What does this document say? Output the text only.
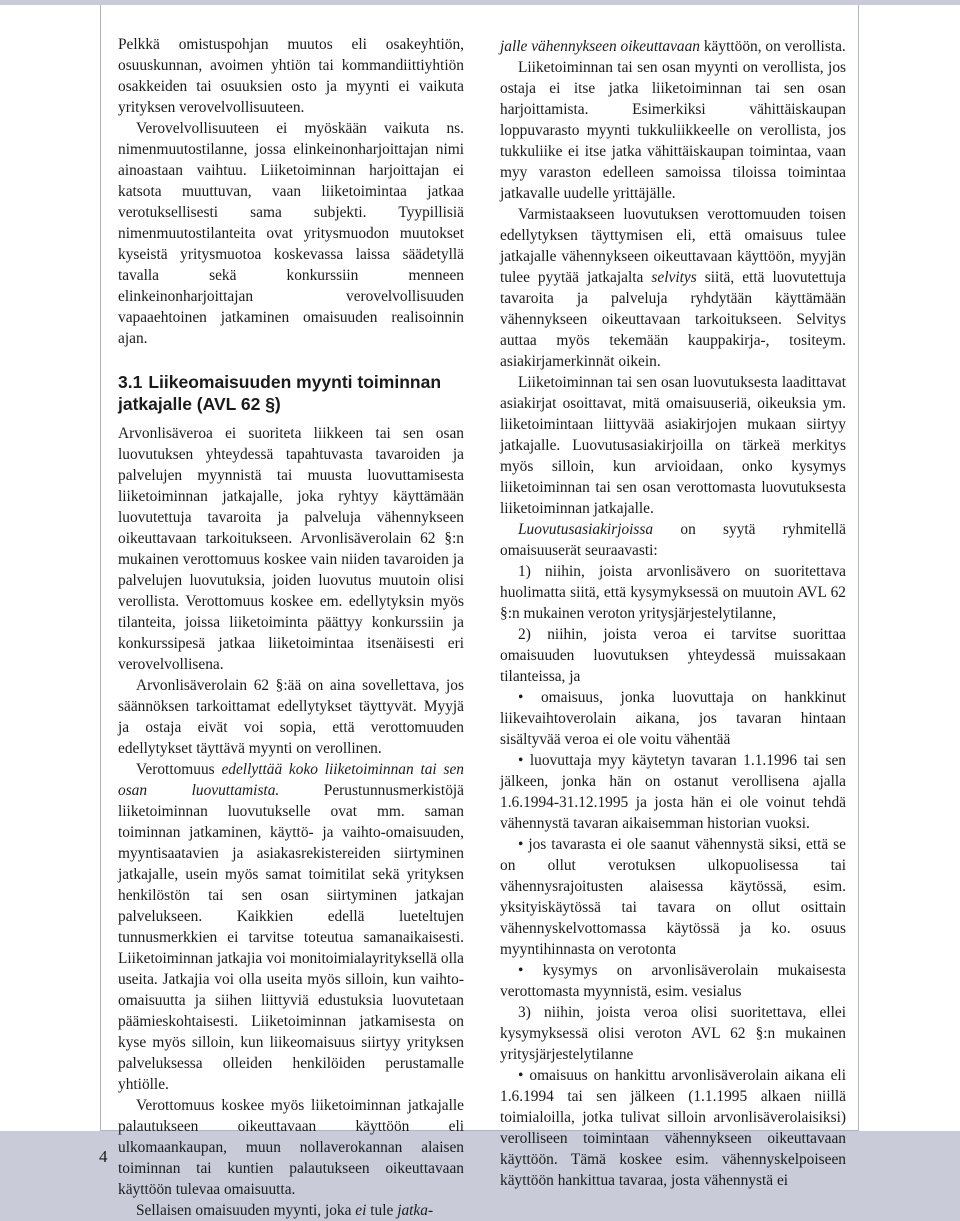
Pelkkä omistuspohjan muutos eli osakeyhtiön, osuuskunnan, avoimen yhtiön tai kommandiittiyhtiön osakkeiden tai osuuksien osto ja myynti ei vaikuta yrityksen verovelvollisuuteen.

Verovelvollisuuteen ei myöskään vaikuta ns. nimenmuutostilanne, jossa elinkeinonharjoittajan nimi ainoastaan vaihtuu. Liiketoiminnan harjoittajan ei katsota muuttuvan, vaan liiketoimintaa jatkaa verotuksellisesti sama subjekti. Tyypillisiä nimenmuutostilanteita ovat yritysmuodon muutokset kyseistä yritysmuotoa koskevassa laissa säädetyllä tavalla sekä konkurssiin menneen elinkeinonharjoittajan verovelvollisuuden vapaaehtoinen jatkaminen omaisuuden realisoinnin ajan.

3.1 Liikeomaisuuden myynti toiminnan jatkajalle (AVL 62 §)

Arvonlisäveroa ei suoriteta liikkeen tai sen osan luovutuksen yhteydessä tapahtuvasta tavaroiden ja palvelujen myynnistä tai muusta luovuttamisesta liiketoiminnan jatkajalle, joka ryhtyy käyttämään luovutettuja tavaroita ja palveluja vähennykseen oikeuttavaan tarkoitukseen. Arvonlisäverolain 62 §:n mukainen verottomuus koskee vain niiden tavaroiden ja palvelujen luovutuksia, joiden luovutus muutoin olisi verollista. Verottomuus koskee em. edellytyksin myös tilanteita, joissa liiketoiminta päättyy konkurssiin ja konkurssipesä jatkaa liiketoimintaa itsenäisesti eri verovelvollisena.

Arvonlisäverolain 62 §:ää on aina sovellettava, jos säännöksen tarkoittamat edellytykset täyttyvät. Myyjä ja ostaja eivät voi sopia, että verottomuuden edellytykset täyttävä myynti on verollinen.

Verottomuus edellyttää koko liiketoiminnan tai sen osan luovuttamista. Perustunnusmerkistöjä liiketoiminnan luovutukselle ovat mm. saman toiminnan jatkaminen, käyttö- ja vaihto-omaisuuden, myyntisaatavien ja asiakasrekistereiden siirtyminen jatkajalle, usein myös samat toimitilat sekä yrityksen henkilöstön tai sen osan siirtyminen jatkajan palvelukseen. Kaikkien edellä lueteltujen tunnusmerkkien ei tarvitse toteutua samanaikaisesti. Liiketoiminnan jatkajia voi monitoimialayrityksellä olla useita. Jatkajia voi olla useita myös silloin, kun vaihto-omaisuutta ja siihen liittyviä edustuksia luovutetaan päämieskohtaisesti. Liiketoiminnan jatkamisesta on kyse myös silloin, kun liikeomaisuus siirtyy yrityksen palveluksessa olleiden henkilöiden perustamalle yhtiölle.

Verottomuus koskee myös liiketoiminnan jatkajalle palautukseen oikeuttavaan käyttöön eli ulkomaankaupan, muun nollaverokannan alaisen toiminnan tai kuntien palautukseen oikeuttavaan käyttöön tulevaa omaisuutta.

Sellaisen omaisuuden myynti, joka ei tule jatka-

jalle vähennykseen oikeuttavaan käyttöön, on verollista.

Liiketoiminnan tai sen osan myynti on verollista, jos ostaja ei itse jatka liiketoiminnan tai sen osan harjoittamista. Esimerkiksi vähittäiskaupan loppuvarasto myynti tukkuliikkeelle on verollista, jos tukkuliike ei itse jatka vähittäiskaupan toimintaa, vaan myy varaston edelleen samoissa tiloissa toimintaa jatkavalle uudelle yrittäjälle.

Varmistaakseen luovutuksen verottomuuden toisen edellytyksen täyttymisen eli, että omaisuus tulee jatkajalle vähennykseen oikeuttavaan käyttöön, myyjän tulee pyytää jatkajalta selvitys siitä, että luovutettuja tavaroita ja palveluja ryhdytään käyttämään vähennykseen oikeuttavaan tarkoitukseen. Selvitys auttaa myös tekemään kauppakirja-, tositeym. asiakirjamerkinnät oikein.

Liiketoiminnan tai sen osan luovutuksesta laadittavat asiakirjat osoittavat, mitä omaisuuseriä, oikeuksia ym. liiketoimintaan liittyvää asiakirjojen mukaan siirtyy jatkajalle. Luovutusasiakirjoilla on tärkeä merkitys myös silloin, kun arvioidaan, onko kysymys liiketoiminnan tai sen osan verottomasta luovutuksesta liiketoiminnan jatkajalle.

Luovutusasiakirjoissa on syytä ryhmitellä omaisuuserät seuraavasti:

1) niihin, joista arvonlisävero on suoritettava huolimatta siitä, että kysymyksessä on muutoin AVL 62 §:n mukainen veroton yritysjärjestelytilanne,

2) niihin, joista veroa ei tarvitse suorittaa omaisuuden luovutuksen yhteydessä muissakaan tilanteissa, ja

• omaisuus, jonka luovuttaja on hankkinut liikevaihtoverolain aikana, jos tavaran hintaan sisältyvää veroa ei ole voitu vähentää

• luovuttaja myy käytetyn tavaran 1.1.1996 tai sen jälkeen, jonka hän on ostanut verollisena ajalla 1.6.1994-31.12.1995 ja josta hän ei ole voinut tehdä vähennystä tavaran aikaisemman historian vuoksi.

• jos tavarasta ei ole saanut vähennystä siksi, että se on ollut verotuksen ulkopuolisessa tai vähennysrajoitusten alaisessa käytössä, esim. yksityiskäytössä tai tavara on ollut osittain vähennyskelvottomassa käytössä ja ko. osuus myyntihinnasta on verotonta

• kysymys on arvonlisäverolain mukaisesta verottomasta myynnistä, esim. vesialus

3) niihin, joista veroa olisi suoritettava, ellei kysymyksessä olisi veroton AVL 62 §:n mukainen yritysjärjestelytilanne

• omaisuus on hankittu arvonlisäverolain aikana eli 1.6.1994 tai sen jälkeen (1.1.1995 alkaen niillä toimialoilla, jotka tulivat silloin arvonlisäverolaisiksi) verolliseen toimintaan vähennykseen oikeuttavaan käyttöön. Tämä koskee esim. vähennyskelpoiseen käyttöön hankittua tavaraa, josta vähennystä ei

4
